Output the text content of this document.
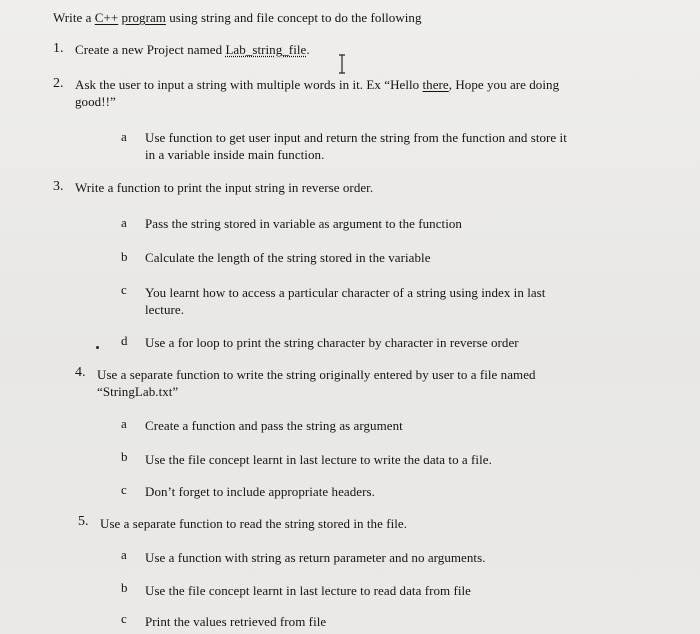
Write a C++ program using string and file concept to do the following
1. Create a new Project named Lab_string_file.
2. Ask the user to input a string with multiple words in it. Ex “Hello there, Hope you are doing
good!!”
a Use function to get user input and return the string from the function and store it
in a variable inside main function.
3. Write a function to print the input string in reverse order.
a Pass the string stored in variable as argument to the function
b Calculate the length of the string stored in the variable
c You learnt how to access a particular character of a string using index in last
lecture.
d Use a for loop to print the string character by character in reverse order
4. Use a separate function to write the string originally entered by user to a file named
“StringLab.txt”
a Create a function and pass the string as argument
b Use the file concept learnt in last lecture to write the data to a file.
c Don’t forget to include appropriate headers.
5. Use a separate function to read the string stored in the file.
a Use a function with string as return parameter and no arguments.
b Use the file concept learnt in last lecture to read data from file
c Print the values retrieved from file
